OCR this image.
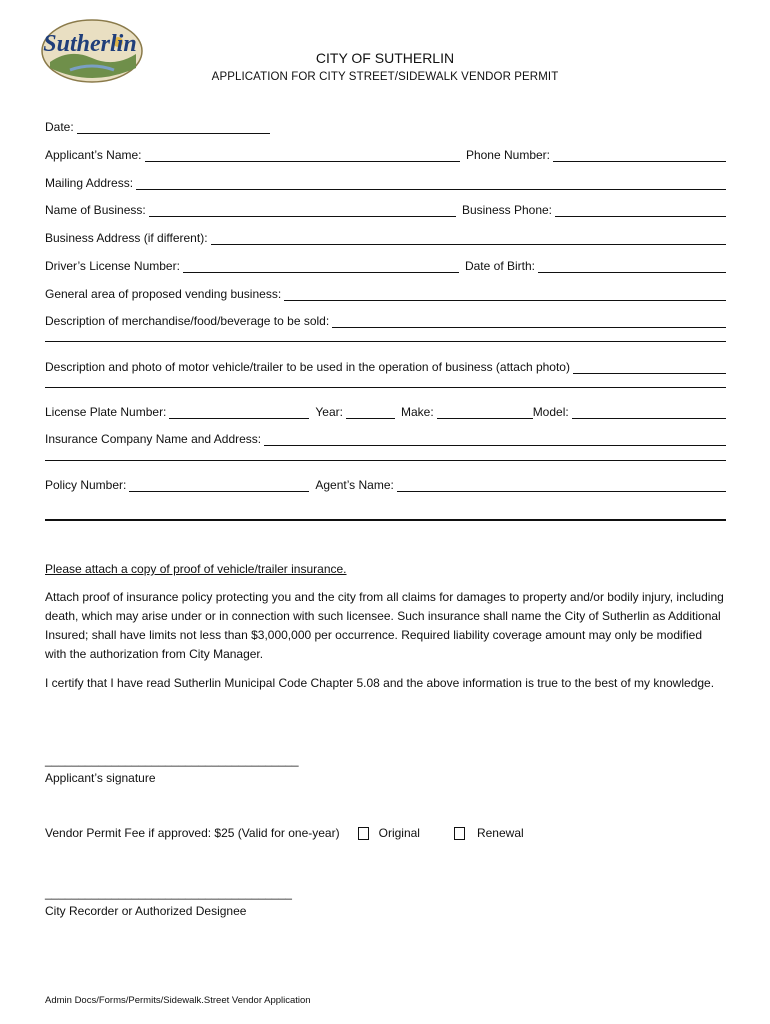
Sutherlin
CITY OF SUTHERLIN
APPLICATION FOR CITY STREET/SIDEWALK VENDOR PERMIT
Date:
Applicant’s Name:	Phone Number:
Mailing Address:
Name of Business:	Business Phone:
Business Address (if different):
Driver’s License Number:	Date of Birth:
General area of proposed vending business:
Description of merchandise/food/beverage to be sold:
Description and photo of motor vehicle/trailer to be used in the operation of business (attach photo)
License Plate Number:	Year:	Make:	Model:
Insurance Company Name and Address:
Policy Number:	Agent’s Name:
Please attach a copy of proof of vehicle/trailer insurance.
Attach proof of insurance policy protecting you and the city from all claims for damages to property and/or bodily injury, including death, which may arise under or in connection with such licensee. Such insurance shall name the City of Sutherlin as Additional Insured; shall have limits not less than $3,000,000 per occurrence. Required liability coverage amount may only be modified with the authorization from City Manager.
I certify that I have read Sutherlin Municipal Code Chapter 5.08 and the above information is true to the best of my knowledge.
______________________________________
Applicant’s signature
Vendor Permit Fee if approved: $25 (Valid for one-year)	Original	Renewal
_____________________________________
City Recorder or Authorized Designee
Admin Docs/Forms/Permits/Sidewalk.Street Vendor Application
